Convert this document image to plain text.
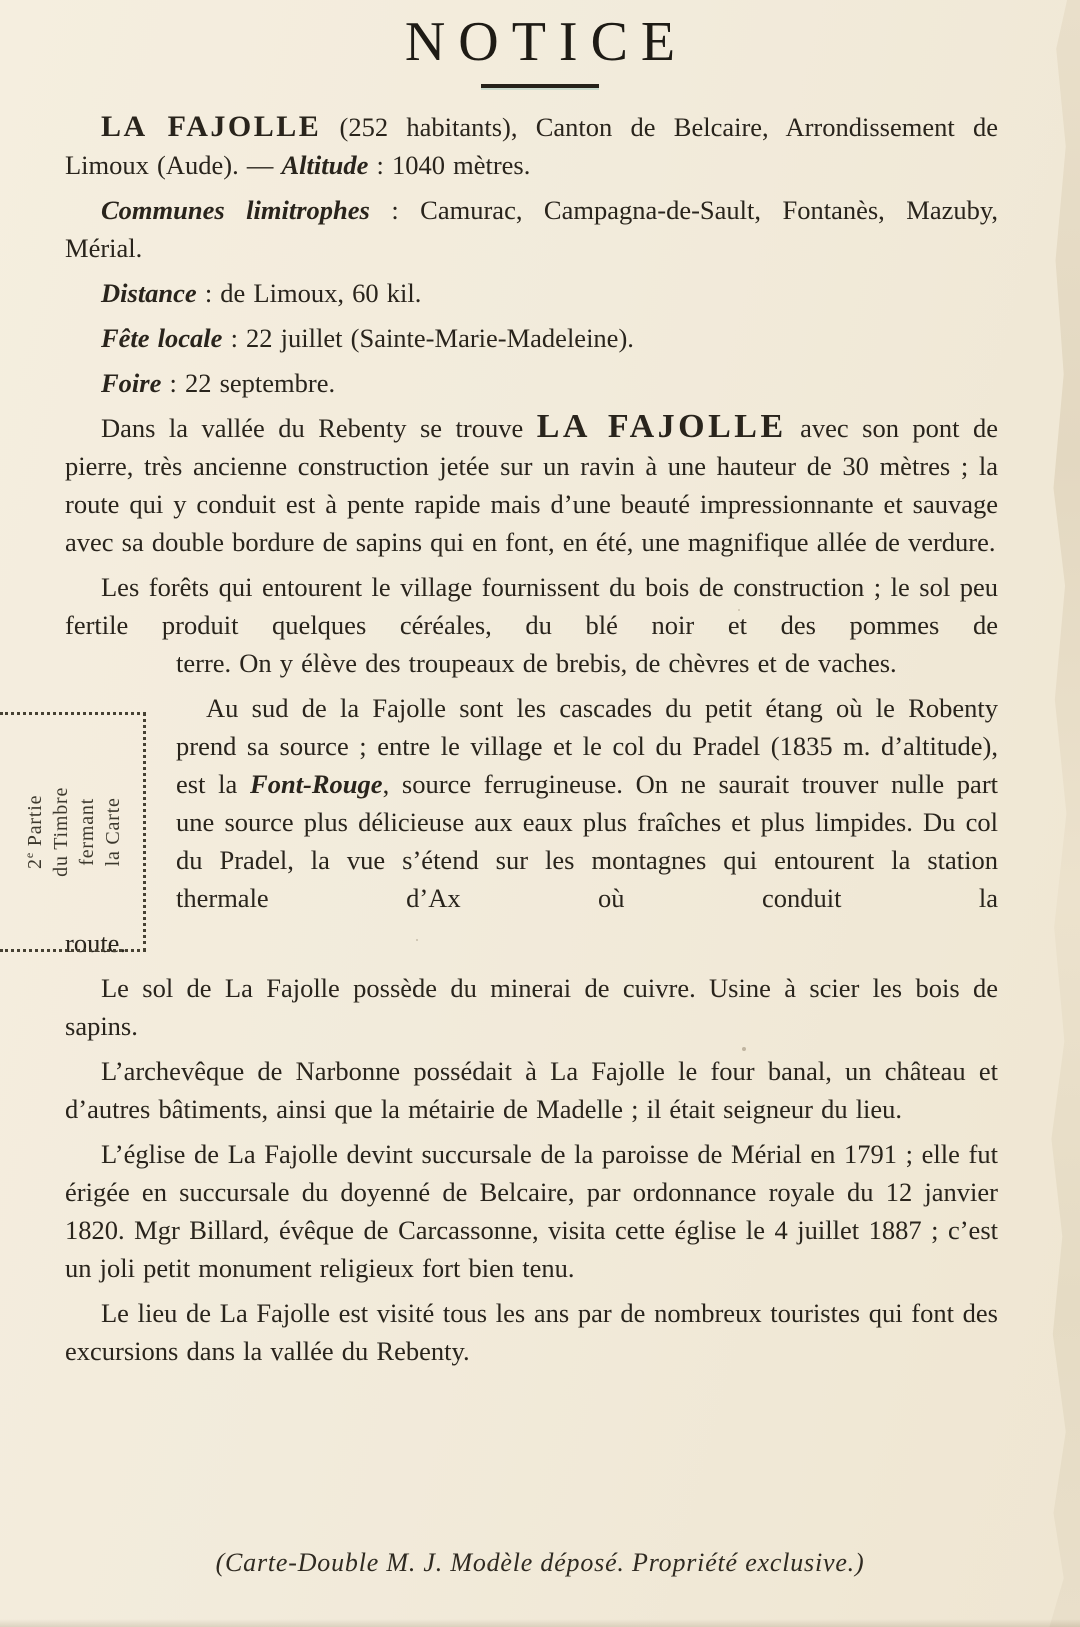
NOTICE

LA FAJOLLE (252 habitants), Canton de Belcaire, Arrondissement de Limoux (Aude). — Altitude : 1040 mètres.

Communes limitrophes : Camurac, Campagna-de-Sault, Fontanès, Mazuby, Mérial.

Distance : de Limoux, 60 kil.

Fête locale : 22 juillet (Sainte-Marie-Madeleine).

Foire : 22 septembre.

Dans la vallée du Rebenty se trouve LA FAJOLLE avec son pont de pierre, très ancienne construction jetée sur un ravin à une hauteur de 30 mètres ; la route qui y conduit est à pente rapide mais d’une beauté impressionnante et sauvage avec sa double bordure de sapins qui en font, en été, une magnifique allée de verdure.

Les forêts qui entourent le village fournissent du bois de construction ; le sol peu fertile produit quelques céréales, du blé noir et des pommes de

terre. On y élève des troupeaux de brebis, de chèvres et de vaches.

Au sud de la Fajolle sont les cascades du petit étang où le Robenty prend sa source ; entre le village et le col du Pradel (1835 m. d’altitude), est la Font-Rouge, source ferrugineuse. On ne saurait trouver nulle part une source plus délicieuse aux eaux plus fraîches et plus limpides. Du col du Pradel, la vue s’étend sur les montagnes qui entourent la station thermale d’Ax où conduit la

route.

Le sol de La Fajolle possède du minerai de cuivre. Usine à scier les bois de sapins.

L’archevêque de Narbonne possédait à La Fajolle le four banal, un château et d’autres bâtiments, ainsi que la métairie de Madelle ; il était seigneur du lieu.

L’église de La Fajolle devint succursale de la paroisse de Mérial en 1791 ; elle fut érigée en succursale du doyenné de Belcaire, par ordonnance royale du 12 janvier 1820. Mgr Billard, évêque de Carcassonne, visita cette église le 4 juillet 1887 ; c’est un joli petit monument religieux fort bien tenu.

Le lieu de La Fajolle est visité tous les ans par de nombreux touristes qui font des excursions dans la vallée du Rebenty.

2e Partie du Timbre fermant la Carte
(Carte-Double M. J. Modèle déposé. Propriété exclusive.)
